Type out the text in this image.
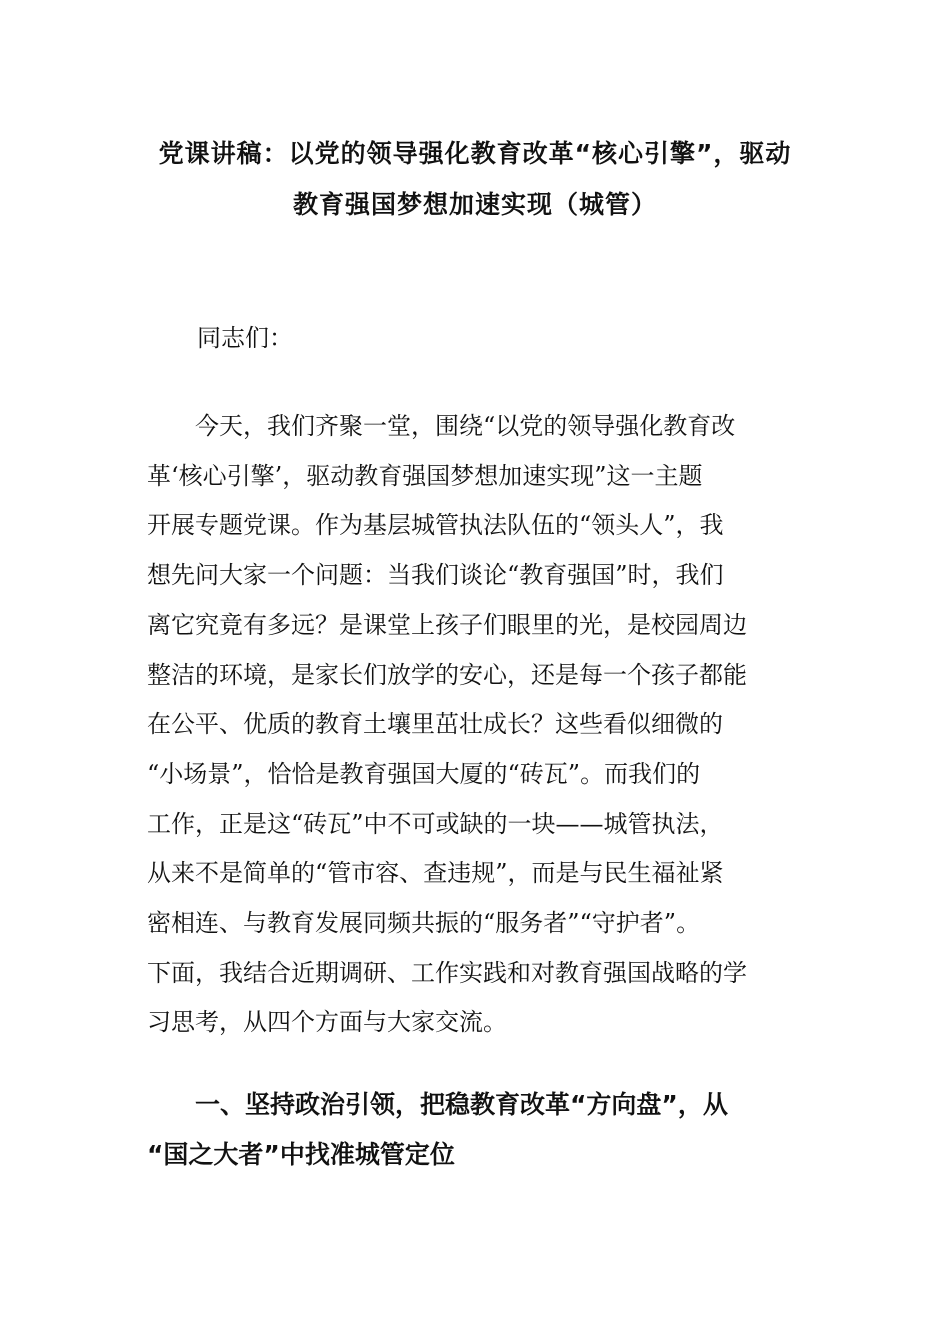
党课讲稿：以党的领导强化教育改革“核心引擎”，驱动
教育强国梦想加速实现（城管）

同志们：

今天，我们齐聚一堂，围绕“以党的领导强化教育改
革‘核心引擎’，驱动教育强国梦想加速实现”这一主题
开展专题党课。作为基层城管执法队伍的“领头人”，我
想先问大家一个问题：当我们谈论“教育强国”时，我们
离它究竟有多远？是课堂上孩子们眼里的光，是校园周边
整洁的环境，是家长们放学的安心，还是每一个孩子都能
在公平、优质的教育土壤里茁壮成长？这些看似细微的
“小场景”，恰恰是教育强国大厦的“砖瓦”。而我们的
工作，正是这“砖瓦”中不可或缺的一块——城管执法，
从来不是简单的“管市容、查违规”，而是与民生福祉紧
密相连、与教育发展同频共振的“服务者”“守护者”。
下面，我结合近期调研、工作实践和对教育强国战略的学
习思考，从四个方面与大家交流。

一、坚持政治引领，把稳教育改革“方向盘”，从
“国之大者”中找准城管定位
